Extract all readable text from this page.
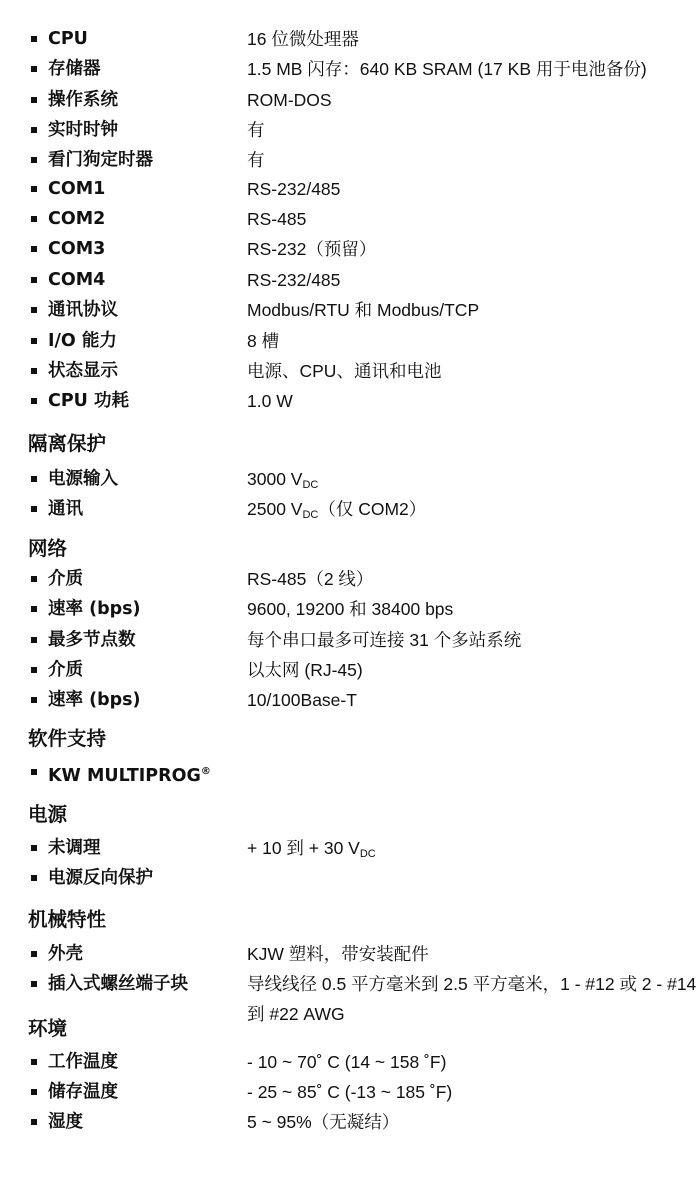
CPU	16 位微处理器
存储器	1.5 MB 闪存：640 KB SRAM (17 KB 用于电池备份)
操作系统	ROM-DOS
实时时钟	有
看门狗定时器	有
COM1	RS-232/485
COM2	RS-485
COM3	RS-232（预留）
COM4	RS-232/485
通讯协议	Modbus/RTU 和 Modbus/TCP
I/O 能力	8 槽
状态显示	电源、CPU、通讯和电池
CPU 功耗	1.0 W
隔离保护
电源输入	3000 $V_{DC}$
通讯	2500 $V_{DC}$（仅 COM2）
网络
介质	RS-485（2 线）
速率 (bps)	9600, 19200 和 38400 bps
最多节点数	每个串口最多可连接 31 个多站系统
介质	以太网 (RJ-45)
速率 (bps)	10/100Base-T
软件支持
KW MULTIPROG®
电源
未调理	+ 10 到 + 30 $V_{DC}$
电源反向保护
机械特性
外壳	KJW 塑料，带安装配件
插入式螺丝端子块	导线线径 0.5 平方毫米到 2.5 平方毫米，1 - #12 或 2 - #14 到 #22 AWG
环境
工作温度	- 10 ~ 70˚ C (14 ~ 158 ˚F)
储存温度	- 25 ~ 85˚ C (-13 ~ 185 ˚F)
湿度	5 ~ 95%（无凝结）
